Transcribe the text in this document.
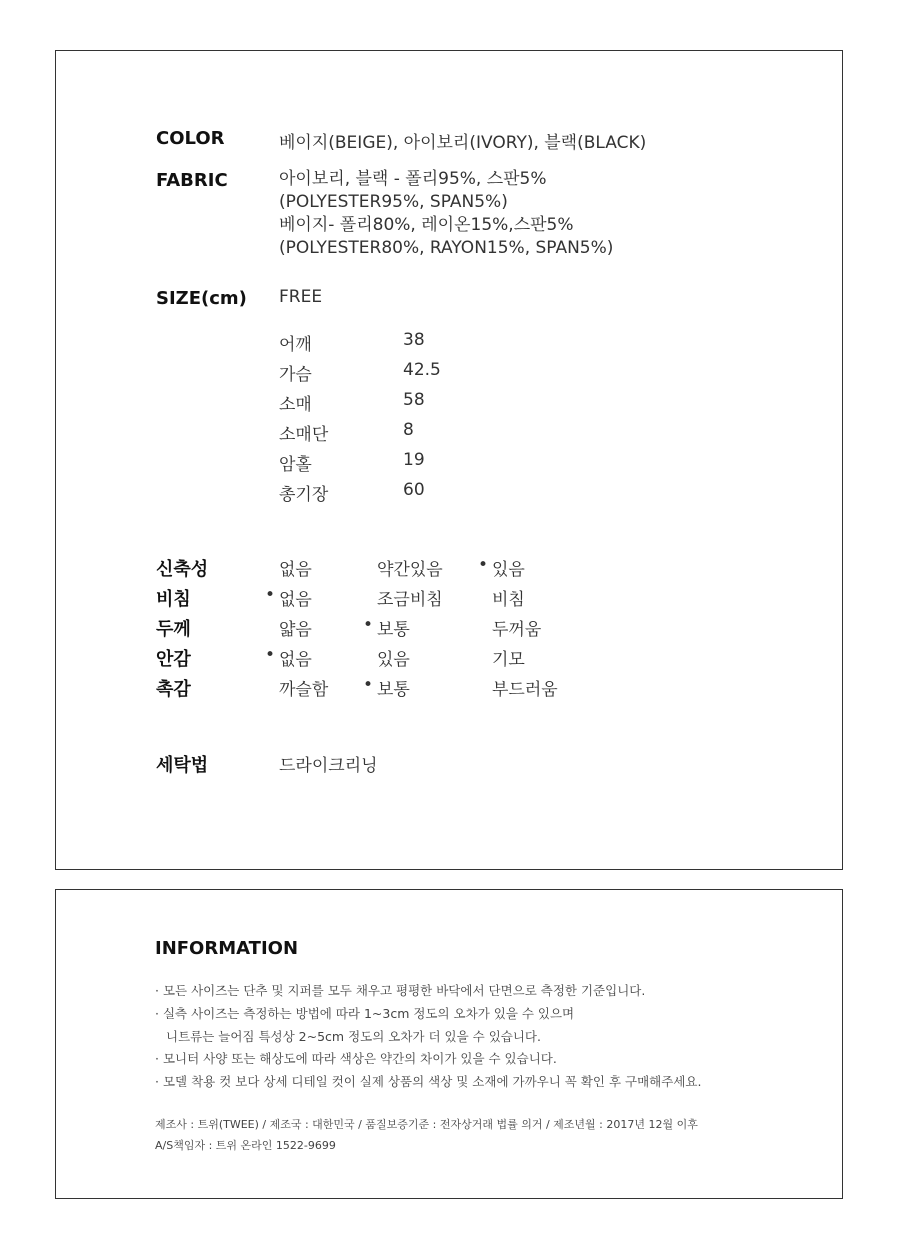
COLOR	베이지(BEIGE), 아이보리(IVORY), 블랙(BLACK)
FABRIC	아이보리, 블랙 - 폴리95%, 스판5%
(POLYESTER95%, SPAN5%)
베이지- 폴리80%, 레이온15%,스판5%
(POLYESTER80%, RAYON15%, SPAN5%)
SIZE(cm) FREE
어깨	38
가슴	42.5
소매	58
소매단	8
암홀	19
총기장	60
신축성	없음	약간있음	• 있음
비침	• 없음	조금비침	비침
두께	얇음	• 보통	두꺼움
안감	• 없음	있음	기모
촉감	까슬함	• 보통	부드러움
세탁법	드라이크리닝
INFORMATION
· 모든 사이즈는 단추 및 지퍼를 모두 채우고 평평한 바닥에서 단면으로 측정한 기준입니다.
· 실측 사이즈는 측정하는 방법에 따라 1~3cm 정도의 오차가 있을 수 있으며
니트류는 늘어짐 특성상 2~5cm 정도의 오차가 더 있을 수 있습니다.
· 모니터 사양 또는 해상도에 따라 색상은 약간의 차이가 있을 수 있습니다.
· 모델 착용 컷 보다 상세 디테일 컷이 실제 상품의 색상 및 소재에 가까우니 꼭 확인 후 구매해주세요.
제조사 : 트위(TWEE) / 제조국 : 대한민국 / 품질보증기준 : 전자상거래 법률 의거 / 제조년월 : 2017년 12월 이후
A/S책임자 : 트위 온라인 1522-9699
